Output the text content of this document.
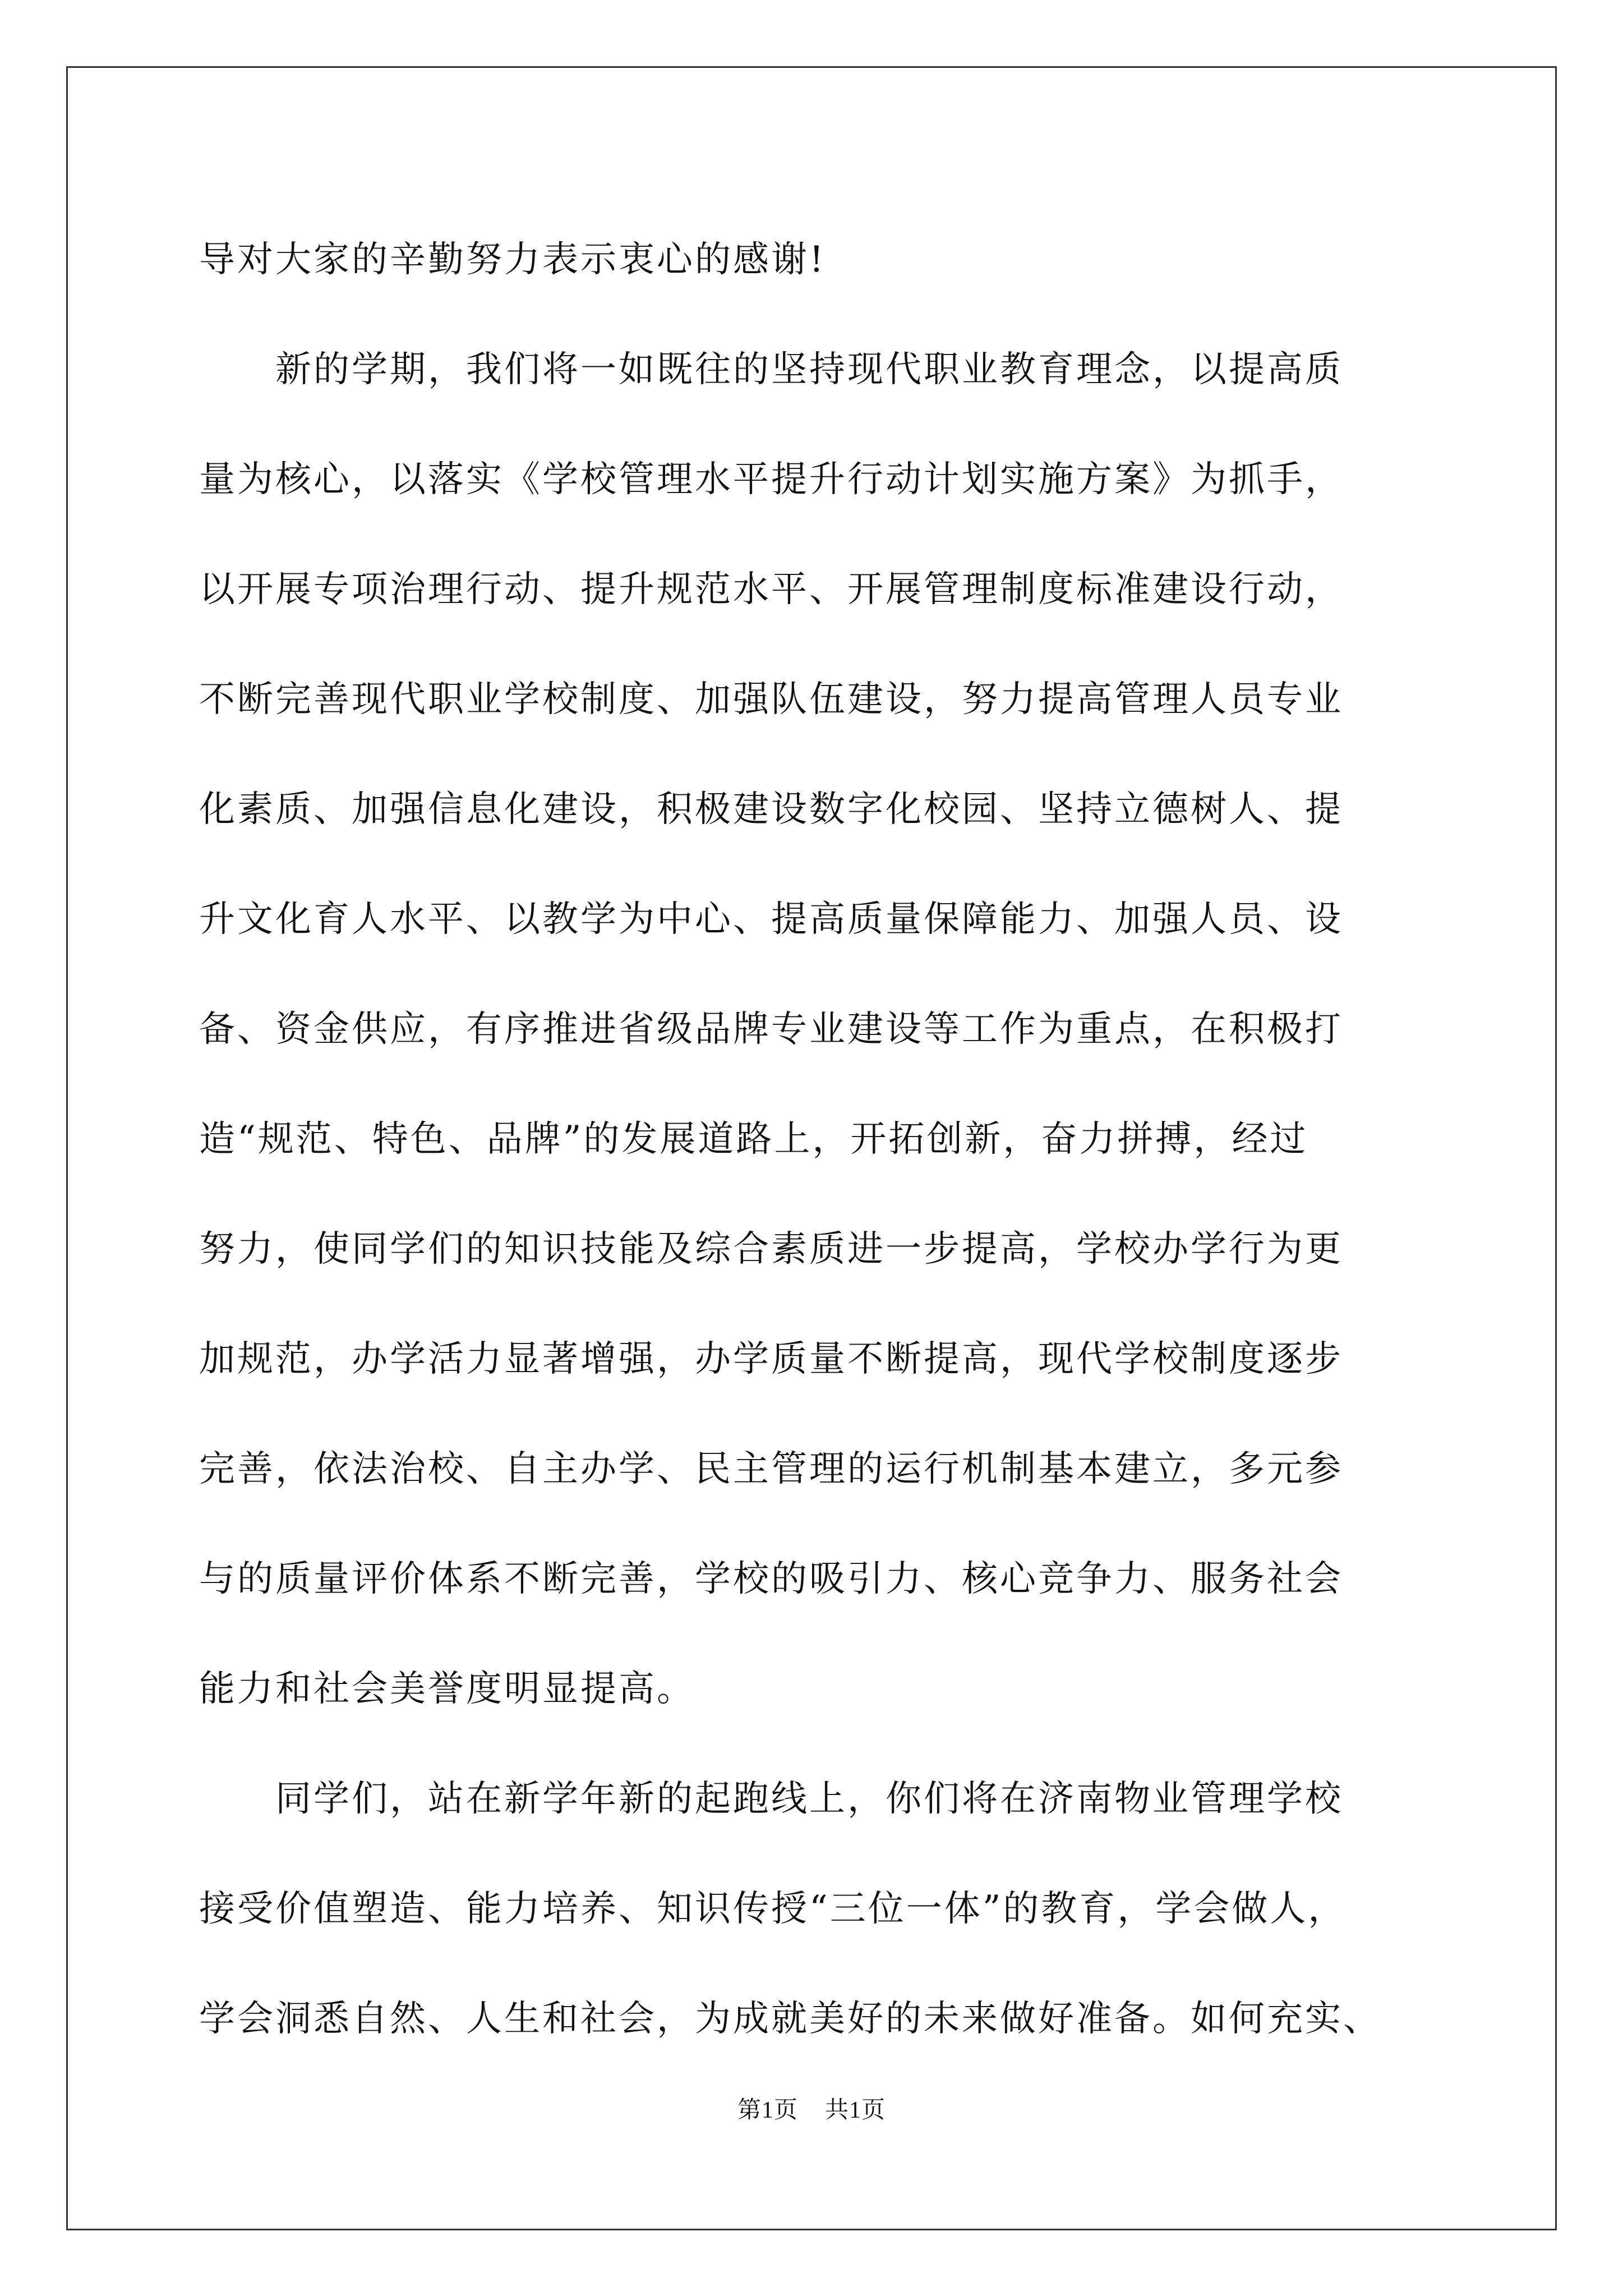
导对大家的辛勤努力表示衷心的感谢!
　　新的学期，我们将一如既往的坚持现代职业教育理念，以提高质
量为核心，以落实《学校管理水平提升行动计划实施方案》为抓手，
以开展专项治理行动、提升规范水平、开展管理制度标准建设行动，
不断完善现代职业学校制度、加强队伍建设，努力提高管理人员专业
化素质、加强信息化建设，积极建设数字化校园、坚持立德树人、提
升文化育人水平、以教学为中心、提高质量保障能力、加强人员、设
备、资金供应，有序推进省级品牌专业建设等工作为重点，在积极打
造“规范、特色、品牌”的发展道路上，开拓创新，奋力拼搏，经过
努力，使同学们的知识技能及综合素质进一步提高，学校办学行为更
加规范，办学活力显著增强，办学质量不断提高，现代学校制度逐步
完善，依法治校、自主办学、民主管理的运行机制基本建立，多元参
与的质量评价体系不断完善，学校的吸引力、核心竞争力、服务社会
能力和社会美誉度明显提高。
　　同学们，站在新学年新的起跑线上，你们将在济南物业管理学校
接受价值塑造、能力培养、知识传授“三位一体”的教育，学会做人，
学会洞悉自然、人生和社会，为成就美好的未来做好准备。如何充实、
第1页 共1页
